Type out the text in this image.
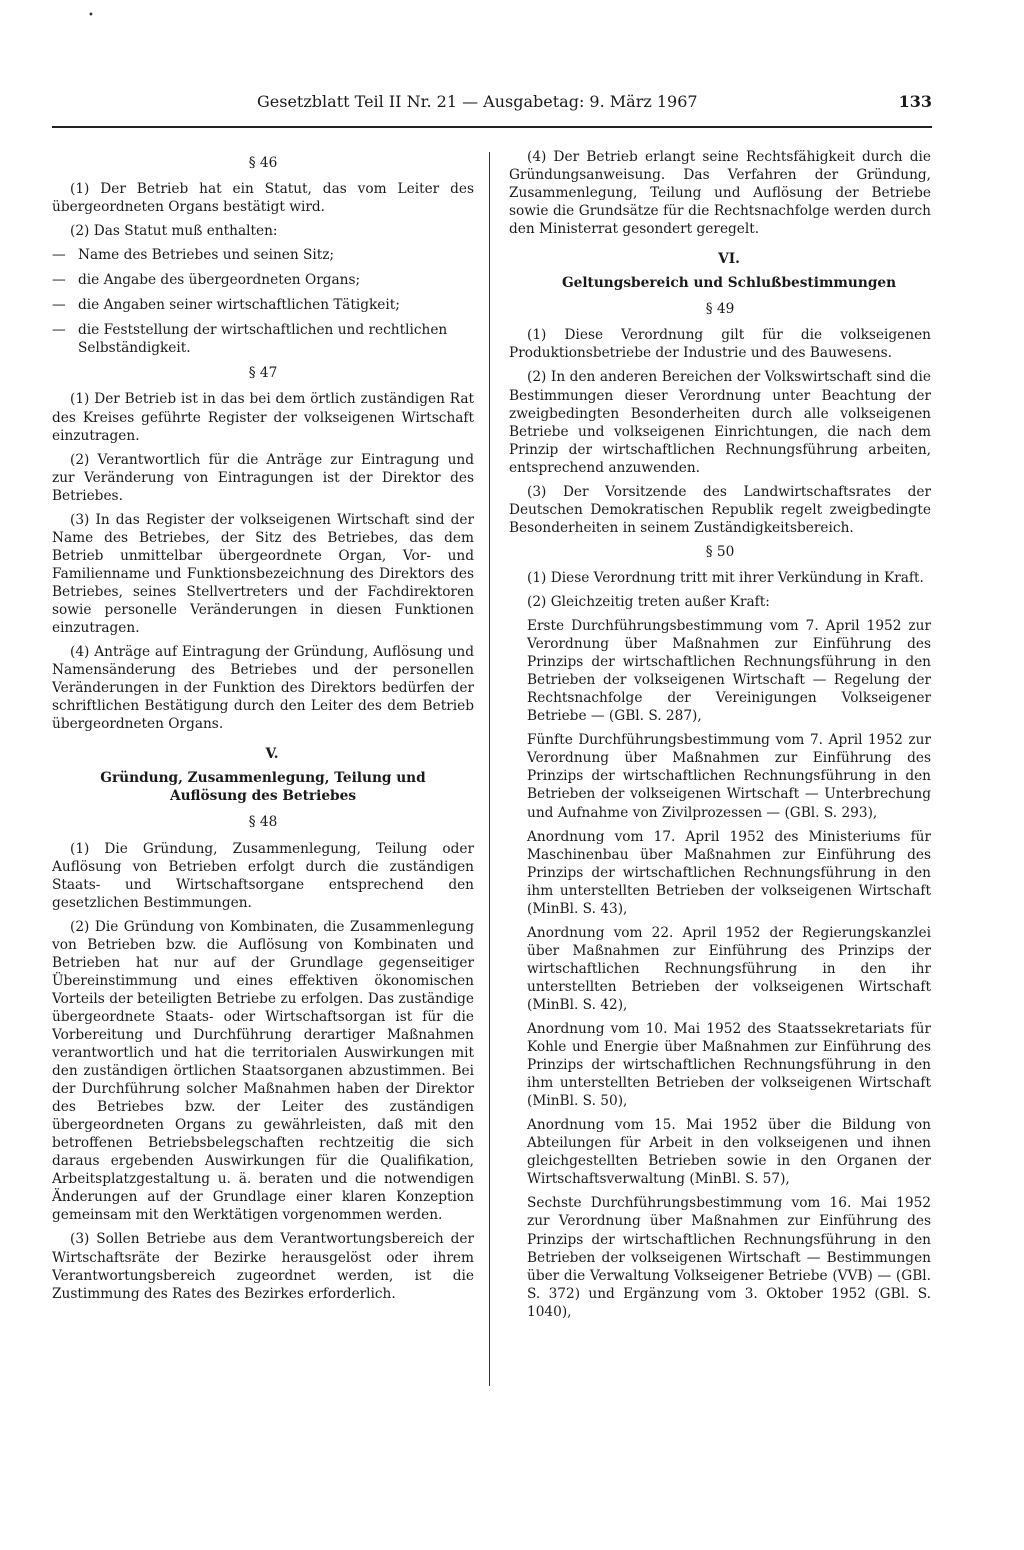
•
Gesetzblatt Teil II Nr. 21 — Ausgabetag: 9. März 1967	133

§ 46

(1) Der Betrieb hat ein Statut, das vom Leiter des übergeordneten Organs bestätigt wird.

(2) Das Statut muß enthalten:

— Name des Betriebes und seinen Sitz;
— die Angabe des übergeordneten Organs;
— die Angaben seiner wirtschaftlichen Tätigkeit;
— die Feststellung der wirtschaftlichen und rechtlichen Selbständigkeit.

§ 47

(1) Der Betrieb ist in das bei dem örtlich zuständigen Rat des Kreises geführte Register der volkseigenen Wirtschaft einzutragen.

(2) Verantwortlich für die Anträge zur Eintragung und zur Veränderung von Eintragungen ist der Direktor des Betriebes.

(3) In das Register der volkseigenen Wirtschaft sind der Name des Betriebes, der Sitz des Betriebes, das dem Betrieb unmittelbar übergeordnete Organ, Vor- und Familienname und Funktionsbezeichnung des Direktors des Betriebes, seines Stellvertreters und der Fachdirektoren sowie personelle Veränderungen in diesen Funktionen einzutragen.

(4) Anträge auf Eintragung der Gründung, Auflösung und Namensänderung des Betriebes und der personellen Veränderungen in der Funktion des Direktors bedürfen der schriftlichen Bestätigung durch den Leiter des dem Betrieb übergeordneten Organs.

V.

Gründung, Zusammenlegung, Teilung und
Auflösung des Betriebes

§ 48

(1) Die Gründung, Zusammenlegung, Teilung oder Auflösung von Betrieben erfolgt durch die zuständigen Staats- und Wirtschaftsorgane entsprechend den gesetzlichen Bestimmungen.

(2) Die Gründung von Kombinaten, die Zusammenlegung von Betrieben bzw. die Auflösung von Kombinaten und Betrieben hat nur auf der Grundlage gegenseitiger Übereinstimmung und eines effektiven ökonomischen Vorteils der beteiligten Betriebe zu erfolgen. Das zuständige übergeordnete Staats- oder Wirtschaftsorgan ist für die Vorbereitung und Durchführung derartiger Maßnahmen verantwortlich und hat die territorialen Auswirkungen mit den zuständigen örtlichen Staatsorganen abzustimmen. Bei der Durchführung solcher Maßnahmen haben der Direktor des Betriebes bzw. der Leiter des zuständigen übergeordneten Organs zu gewährleisten, daß mit den betroffenen Betriebsbelegschaften rechtzeitig die sich daraus ergebenden Auswirkungen für die Qualifikation, Arbeitsplatzgestaltung u. ä. beraten und die notwendigen Änderungen auf der Grundlage einer klaren Konzeption gemeinsam mit den Werktätigen vorgenommen werden.

(3) Sollen Betriebe aus dem Verantwortungsbereich der Wirtschaftsräte der Bezirke herausgelöst oder ihrem Verantwortungsbereich zugeordnet werden, ist die Zustimmung des Rates des Bezirkes erforderlich.

(4) Der Betrieb erlangt seine Rechtsfähigkeit durch die Gründungsanweisung. Das Verfahren der Gründung, Zusammenlegung, Teilung und Auflösung der Betriebe sowie die Grundsätze für die Rechtsnachfolge werden durch den Ministerrat gesondert geregelt.

VI.

Geltungsbereich und Schlußbestimmungen

§ 49

(1) Diese Verordnung gilt für die volkseigenen Produktionsbetriebe der Industrie und des Bauwesens.

(2) In den anderen Bereichen der Volkswirtschaft sind die Bestimmungen dieser Verordnung unter Beachtung der zweigbedingten Besonderheiten durch alle volkseigenen Betriebe und volkseigenen Einrichtungen, die nach dem Prinzip der wirtschaftlichen Rechnungsführung arbeiten, entsprechend anzuwenden.

(3) Der Vorsitzende des Landwirtschaftsrates der Deutschen Demokratischen Republik regelt zweigbedingte Besonderheiten in seinem Zuständigkeitsbereich.

§ 50

(1) Diese Verordnung tritt mit ihrer Verkündung in Kraft.

(2) Gleichzeitig treten außer Kraft:

Erste Durchführungsbestimmung vom 7. April 1952 zur Verordnung über Maßnahmen zur Einführung des Prinzips der wirtschaftlichen Rechnungsführung in den Betrieben der volkseigenen Wirtschaft — Regelung der Rechtsnachfolge der Vereinigungen Volkseigener Betriebe — (GBl. S. 287),

Fünfte Durchführungsbestimmung vom 7. April 1952 zur Verordnung über Maßnahmen zur Einführung des Prinzips der wirtschaftlichen Rechnungsführung in den Betrieben der volkseigenen Wirtschaft — Unterbrechung und Aufnahme von Zivilprozessen — (GBl. S. 293),

Anordnung vom 17. April 1952 des Ministeriums für Maschinenbau über Maßnahmen zur Einführung des Prinzips der wirtschaftlichen Rechnungsführung in den ihm unterstellten Betrieben der volkseigenen Wirtschaft (MinBl. S. 43),

Anordnung vom 22. April 1952 der Regierungskanzlei über Maßnahmen zur Einführung des Prinzips der wirtschaftlichen Rechnungsführung in den ihr unterstellten Betrieben der volkseigenen Wirtschaft (MinBl. S. 42),

Anordnung vom 10. Mai 1952 des Staatssekretariats für Kohle und Energie über Maßnahmen zur Einführung des Prinzips der wirtschaftlichen Rechnungsführung in den ihm unterstellten Betrieben der volkseigenen Wirtschaft (MinBl. S. 50),

Anordnung vom 15. Mai 1952 über die Bildung von Abteilungen für Arbeit in den volkseigenen und ihnen gleichgestellten Betrieben sowie in den Organen der Wirtschaftsverwaltung (MinBl. S. 57),

Sechste Durchführungsbestimmung vom 16. Mai 1952 zur Verordnung über Maßnahmen zur Einführung des Prinzips der wirtschaftlichen Rechnungsführung in den Betrieben der volkseigenen Wirtschaft — Bestimmungen über die Verwaltung Volkseigener Betriebe (VVB) — (GBl. S. 372) und Ergänzung vom 3. Oktober 1952 (GBl. S. 1040),
